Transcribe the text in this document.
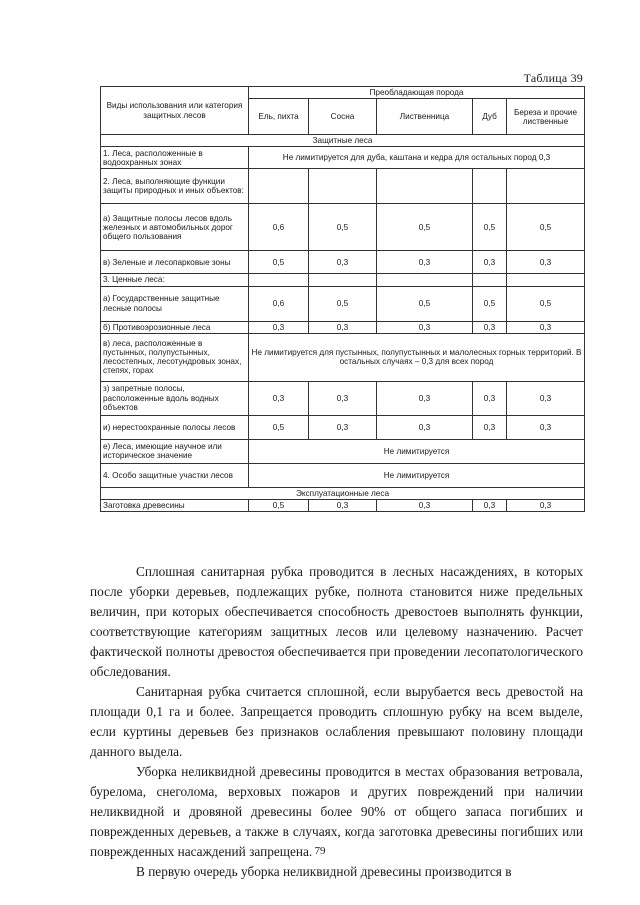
Таблица 39
Виды использования или категория защитных лесов	Преобладающая порода				
	Ель, пихта	Сосна	Лиственница	Дуб	Береза и прочие лиственные
Защитные леса					
1. Леса, расположенные в водоохранных зонах	Не лимитируется для дуба, каштана и кедра для остальных пород 0,3				
2. Леса, выполняющие функции защиты природных и иных объектов:					
а) Защитные полосы лесов вдоль железных и автомобильных дорог общего пользования	0,6	0,5	0,5	0,5	0,5
в) Зеленые и лесопарковые зоны	0,5	0,3	0,3	0,3	0,3
3. Ценные леса:					
а) Государственные защитные лесные полосы	0,6	0,5	0,5	0,5	0,5
б) Противоэрозионные леса	0,3	0,3	0,3	0,3	0,3
в) леса, расположенные в пустынных, полупустынных, лесостепных, лесотундровых зонах, степях, горах	Не лимитируется для пустынных, полупустынных и малолесных горных территорий. В остальных случаях – 0,3 для всех пород				
з) запретные полосы, расположенные вдоль водных объектов	0,3	0,3	0,3	0,3	0,3
и) нерестоохранные полосы лесов	0,5	0,3	0,3	0,3	0,3
е) Леса, имеющие научное или историческое значение	Не лимитируется				
4. Особо защитные участки лесов	Не лимитируется				
Эксплуатационные леса					
Заготовка древесины	0,5	0,3	0,3	0,3	0,3

Сплошная санитарная рубка проводится в лесных насаждениях, в которых после уборки деревьев, подлежащих рубке, полнота становится ниже предельных величин, при которых обеспечивается способность древостоев выполнять функции, соответствующие категориям защитных лесов или целевому назначению. Расчет фактической полноты древостоя обеспечивается при проведении лесопатологического обследования.

Санитарная рубка считается сплошной, если вырубается весь древостой на площади 0,1 га и более. Запрещается проводить сплошную рубку на всем выделе, если куртины деревьев без признаков ослабления превышают половину площади данного выдела.

Уборка неликвидной древесины проводится в местах образования ветровала, бурелома, снеголома, верховых пожаров и других повреждений при наличии неликвидной и дровяной древесины более 90% от общего запаса погибших и поврежденных деревьев, а также в случаях, когда заготовка древесины погибших или поврежденных насаждений запрещена.

В первую очередь уборка неликвидной древесины производится в

79
